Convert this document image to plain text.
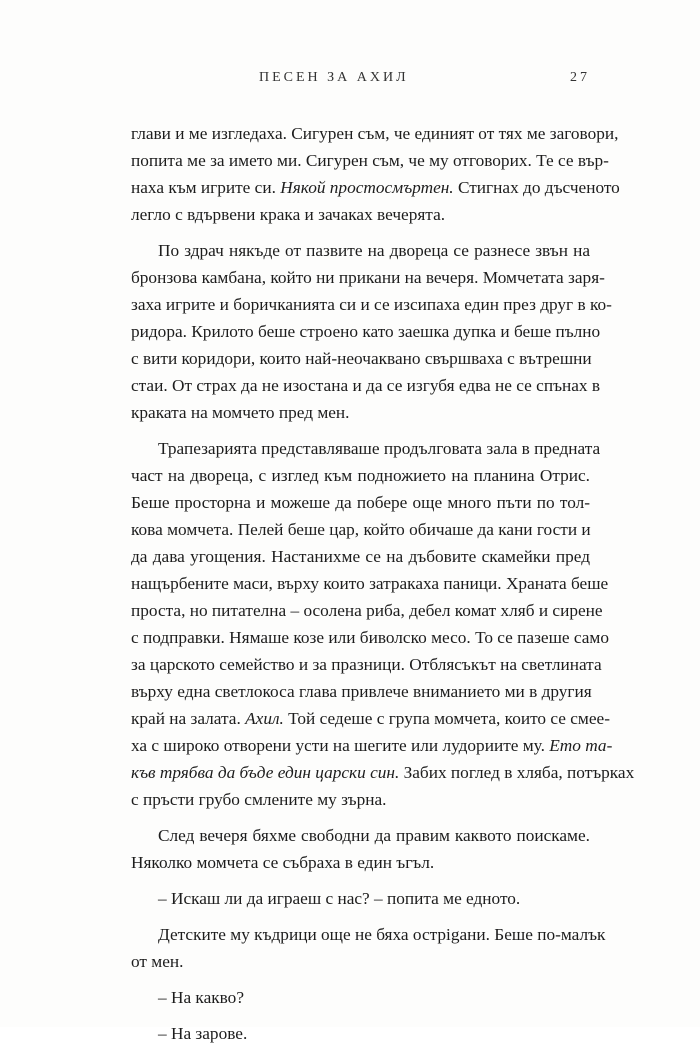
ПЕСЕН ЗА АХИЛ	27
глави и ме изгледаха. Сигурен съм, че единият от тях ме заговори,
попита ме за името ми. Сигурен съм, че му отговорих. Те се вър-
наха към игрите си. Някой простосмъртен. Стигнах до дъсченото
легло с вдървени крака и зачаках вечерята.
По здрач някъде от пазвите на двореца се разнесе звън на
бронзова камбана, който ни прикани на вечеря. Момчетата заря-
заха игрите и боричканията си и се изсипаха един през друг в ко-
ридора. Крилото беше строено като заешка дупка и беше пълно
с вити коридори, които най-неочаквано свършваха с вътрешни
стаи. От страх да не изостана и да се изгубя едва не се спънах в
краката на момчето пред мен.
Трапезарията представляваше продълговата зала в предната
част на двореца, с изглед към подножието на планина Отрис.
Беше просторна и можеше да побере още много пъти по тол-
кова момчета. Пелей беше цар, който обичаше да кани гости и
да дава угощения. Настанихме се на дъбовите скамейки пред
нащърбените маси, върху които затракаха паници. Храната беше
проста, но питателна – осолена риба, дебел комат хляб и сирене
с подправки. Нямаше козе или биволско месо. То се пазеше само
за царското семейство и за празници. Отблясъкът на светлината
върху една светлокоса глава привлече вниманието ми в другия
край на залата. Ахил. Той седеше с група момчета, които се смее-
ха с широко отворени усти на шегите или лудориите му. Ето та-
къв трябва да бъде един царски син. Забих поглед в хляба, потърках
с пръсти грубо смлените му зърна.
След вечеря бяхме свободни да правим каквото поискаме.
Няколко момчета се събраха в един ъгъл.
– Искаш ли да играеш с нас? – попита ме едното.
Детските му къдрици още не бяха острigани. Беше по-малък
от мен.
– На какво?
– На зарове.
